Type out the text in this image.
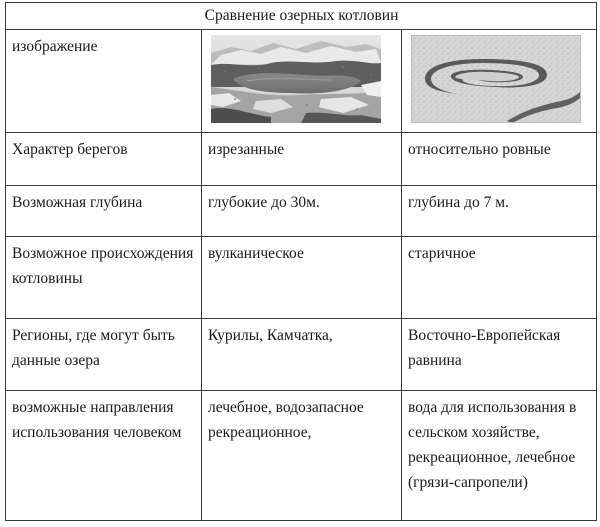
Сравнение озерных котловин		
изображение	

Характер берегов	изрезанные	относительно ровные
Возможная глубина	глубокие до 30м.	глубина до 7 м.
Возможное происхождения котловины	вулканическое	старичное
Регионы, где могут быть данные озера	Курилы, Камчатка,	Восточно-Европейская равнина
возможные направления использования человеком	лечебное, водозапасное рекреационное,	вода для использования в сельском хозяйстве, рекреационное, лечебное (грязи-сапропели)
